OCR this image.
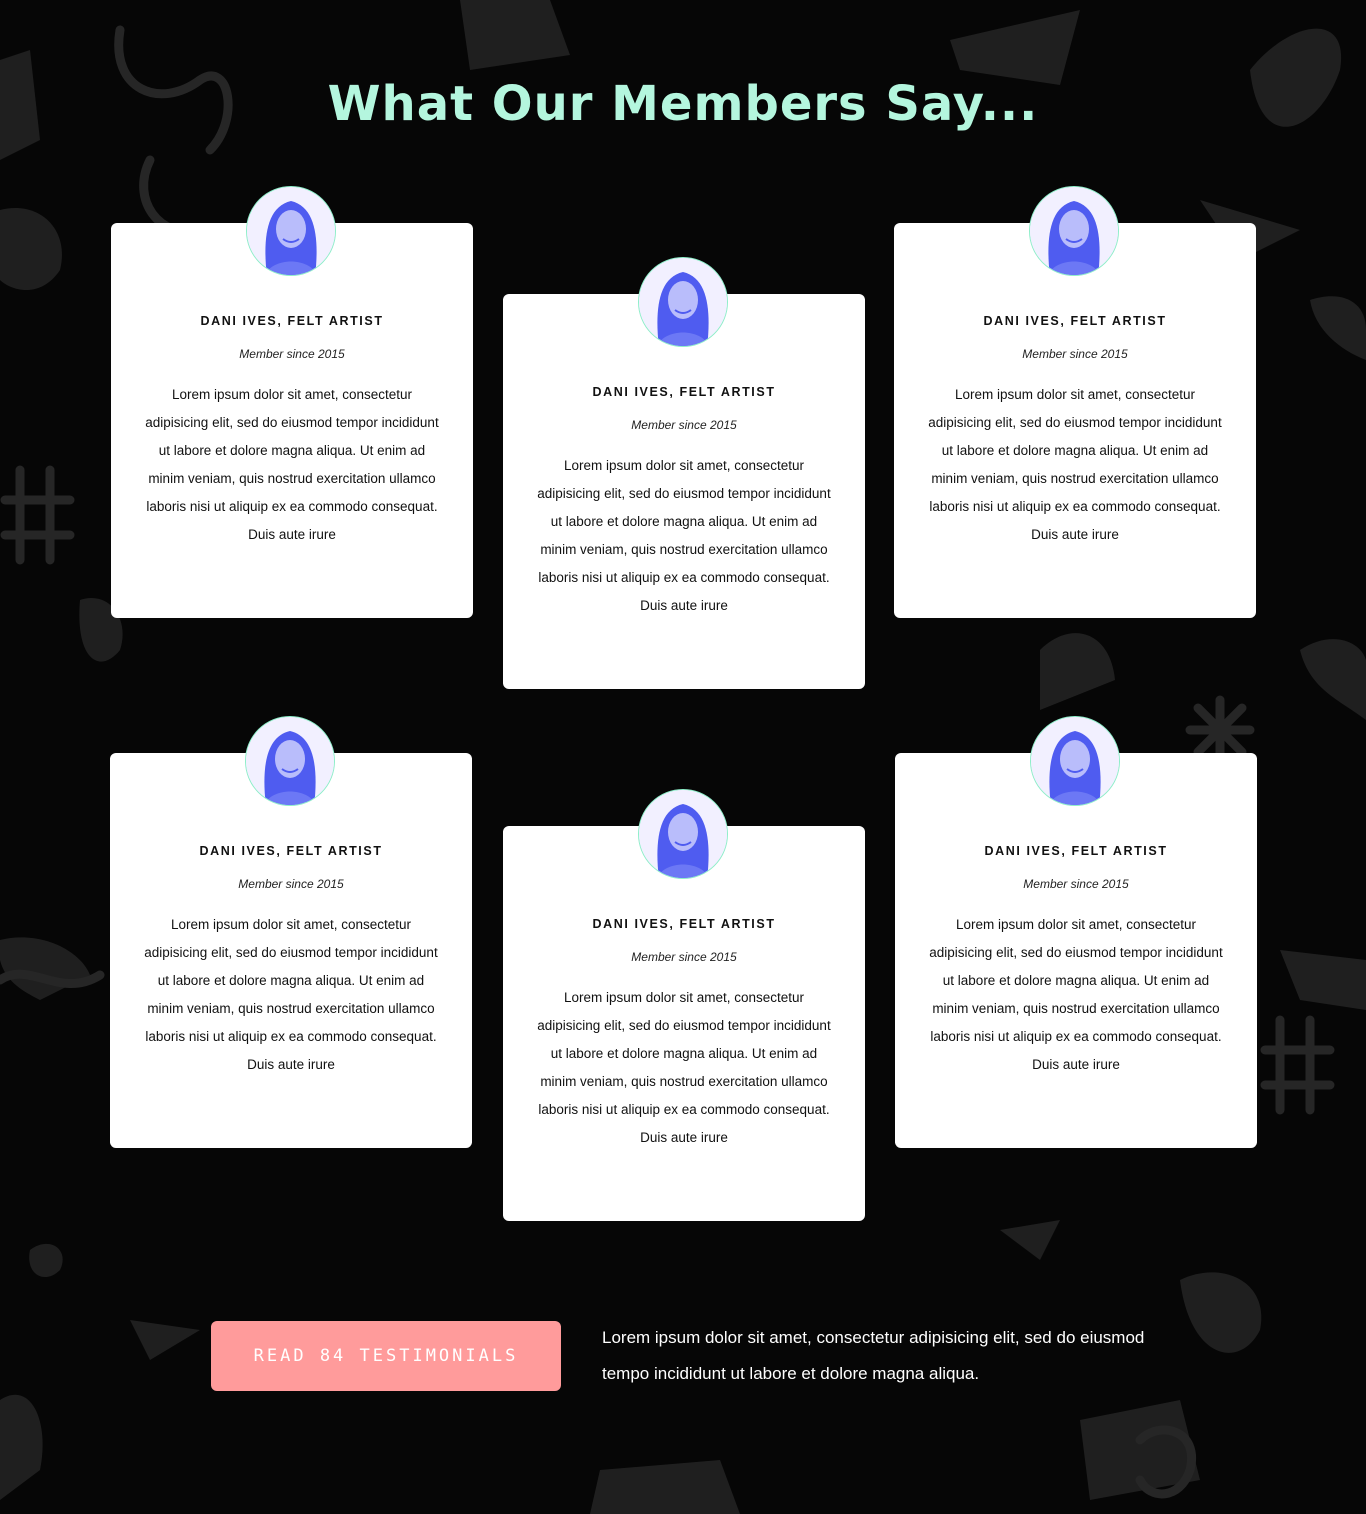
What Our Members Say...

DANI IVES, FELT ARTIST

Member since 2015

Lorem ipsum dolor sit amet, consectetur adipisicing elit, sed do eiusmod tempor incididunt ut labore et dolore magna aliqua. Ut enim ad minim veniam, quis nostrud exercitation ullamco laboris nisi ut aliquip ex ea commodo consequat. Duis aute irure

DANI IVES, FELT ARTIST

Member since 2015

Lorem ipsum dolor sit amet, consectetur adipisicing elit, sed do eiusmod tempor incididunt ut labore et dolore magna aliqua. Ut enim ad minim veniam, quis nostrud exercitation ullamco laboris nisi ut aliquip ex ea commodo consequat. Duis aute irure

DANI IVES, FELT ARTIST

Member since 2015

Lorem ipsum dolor sit amet, consectetur adipisicing elit, sed do eiusmod tempor incididunt ut labore et dolore magna aliqua. Ut enim ad minim veniam, quis nostrud exercitation ullamco laboris nisi ut aliquip ex ea commodo consequat. Duis aute irure

DANI IVES, FELT ARTIST

Member since 2015

Lorem ipsum dolor sit amet, consectetur adipisicing elit, sed do eiusmod tempor incididunt ut labore et dolore magna aliqua. Ut enim ad minim veniam, quis nostrud exercitation ullamco laboris nisi ut aliquip ex ea commodo consequat. Duis aute irure

DANI IVES, FELT ARTIST

Member since 2015

Lorem ipsum dolor sit amet, consectetur adipisicing elit, sed do eiusmod tempor incididunt ut labore et dolore magna aliqua. Ut enim ad minim veniam, quis nostrud exercitation ullamco laboris nisi ut aliquip ex ea commodo consequat. Duis aute irure

DANI IVES, FELT ARTIST

Member since 2015

Lorem ipsum dolor sit amet, consectetur adipisicing elit, sed do eiusmod tempor incididunt ut labore et dolore magna aliqua. Ut enim ad minim veniam, quis nostrud exercitation ullamco laboris nisi ut aliquip ex ea commodo consequat. Duis aute irure

READ 84 TESTIMONIALS

Lorem ipsum dolor sit amet, consectetur adipisicing elit, sed do eiusmod tempo incididunt ut labore et dolore magna aliqua.
